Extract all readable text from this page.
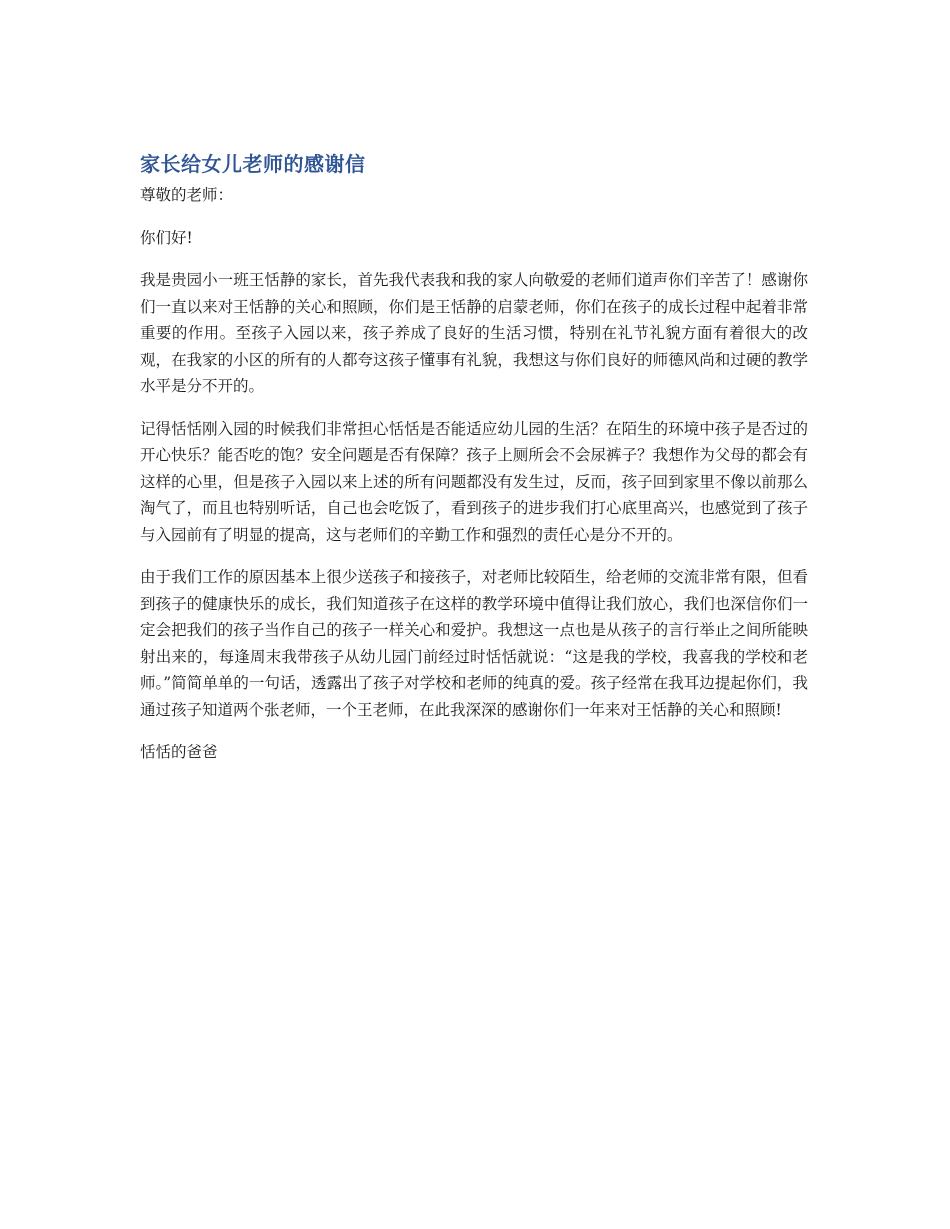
家长给女儿老师的感谢信

尊敬的老师：

你们好!

我是贵园小一班王恬静的家长，首先我代表我和我的家人向敬爱的老师们道声你们辛苦了！感谢你们一直以来对王恬静的关心和照顾，你们是王恬静的启蒙老师，你们在孩子的成长过程中起着非常重要的作用。至孩子入园以来，孩子养成了良好的生活习惯，特别在礼节礼貌方面有着很大的改观，在我家的小区的所有的人都夸这孩子懂事有礼貌，我想这与你们良好的师德风尚和过硬的教学水平是分不开的。

记得恬恬刚入园的时候我们非常担心恬恬是否能适应幼儿园的生活？在陌生的环境中孩子是否过的开心快乐？能否吃的饱？安全问题是否有保障？孩子上厕所会不会尿裤子？我想作为父母的都会有这样的心里，但是孩子入园以来上述的所有问题都没有发生过，反而，孩子回到家里不像以前那么淘气了，而且也特别听话，自己也会吃饭了，看到孩子的进步我们打心底里高兴，也感觉到了孩子与入园前有了明显的提高，这与老师们的辛勤工作和强烈的责任心是分不开的。

由于我们工作的原因基本上很少送孩子和接孩子，对老师比较陌生，给老师的交流非常有限，但看到孩子的健康快乐的成长，我们知道孩子在这样的教学环境中值得让我们放心，我们也深信你们一定会把我们的孩子当作自己的孩子一样关心和爱护。我想这一点也是从孩子的言行举止之间所能映射出来的，每逢周末我带孩子从幼儿园门前经过时恬恬就说：“这是我的学校，我喜我的学校和老师。”简简单单的一句话，透露出了孩子对学校和老师的纯真的爱。孩子经常在我耳边提起你们，我通过孩子知道两个张老师，一个王老师，在此我深深的感谢你们一年来对王恬静的关心和照顾!

恬恬的爸爸
